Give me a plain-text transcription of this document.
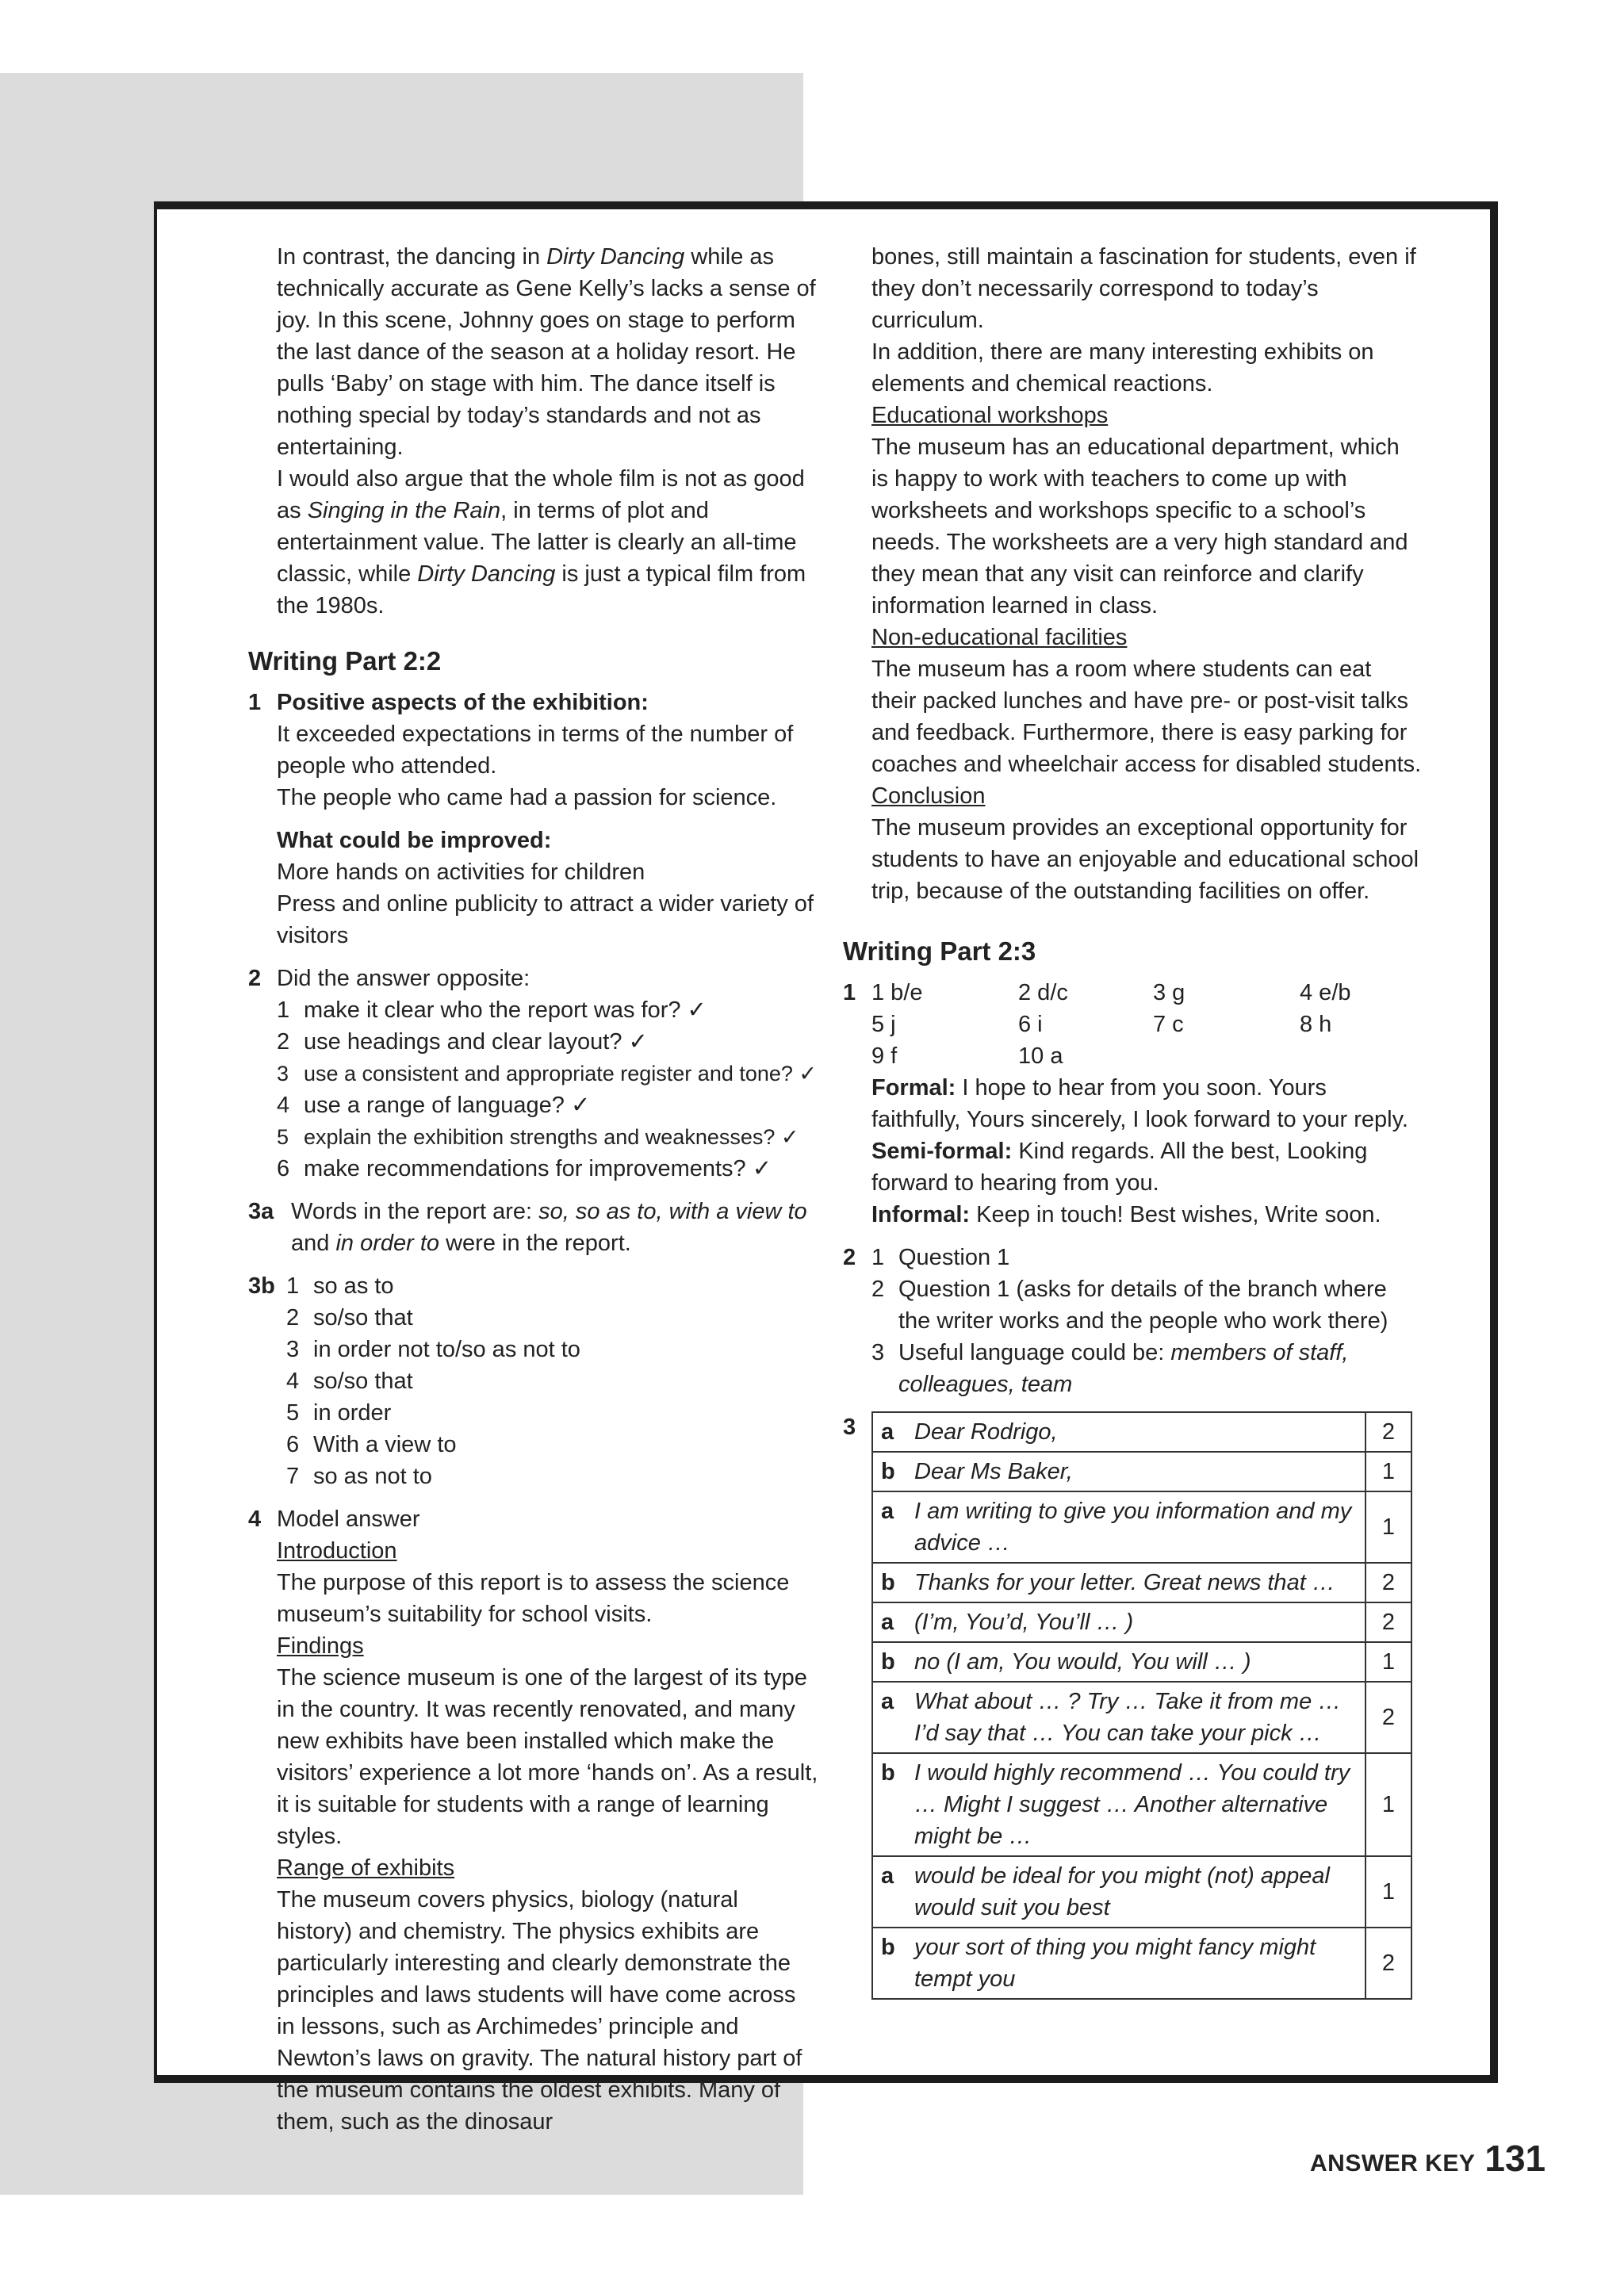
In contrast, the dancing in Dirty Dancing while as technically accurate as Gene Kelly’s lacks a sense of joy. In this scene, Johnny goes on stage to perform the last dance of the season at a holiday resort. He pulls ‘Baby’ on stage with him. The dance itself is nothing special by today’s standards and not as entertaining.

I would also argue that the whole film is not as good as Singing in the Rain, in terms of plot and entertainment value. The latter is clearly an all-time classic, while Dirty Dancing is just a typical film from the 1980s.

Writing Part 2:2
1 Positive aspects of the exhibition:

It exceeded expectations in terms of the number of people who attended.

The people who came had a passion for science.

What could be improved:

More hands on activities for children

Press and online publicity to attract a wider variety of visitors

2 Did the answer opposite:

1 make it clear who the report was for? ✓
2 use headings and clear layout? ✓
3 use a consistent and appropriate register and tone? ✓
4 use a range of language? ✓
5 explain the exhibition strengths and weaknesses? ✓
6 make recommendations for improvements? ✓
3a Words in the report are: so, so as to, with a view to and in order to were in the report.

3b 1 so as to
2 so/so that
3 in order not to/so as not to
4 so/so that
5 in order
6 With a view to
7 so as not to
4 Model answer

Introduction

The purpose of this report is to assess the science museum’s suitability for school visits.

Findings

The science museum is one of the largest of its type in the country. It was recently renovated, and many new exhibits have been installed which make the visitors’ experience a lot more ‘hands on’. As a result, it is suitable for students with a range of learning styles.

Range of exhibits

The museum covers physics, biology (natural history) and chemistry. The physics exhibits are particularly interesting and clearly demonstrate the principles and laws students will have come across in lessons, such as Archimedes’ principle and Newton’s laws on gravity. The natural history part of the museum contains the oldest exhibits. Many of them, such as the dinosaur

bones, still maintain a fascination for students, even if they don’t necessarily correspond to today’s curriculum.

In addition, there are many interesting exhibits on elements and chemical reactions.

Educational workshops

The museum has an educational department, which is happy to work with teachers to come up with worksheets and workshops specific to a school’s needs. The worksheets are a very high standard and they mean that any visit can reinforce and clarify information learned in class.

Non-educational facilities

The museum has a room where students can eat their packed lunches and have pre- or post-visit talks and feedback. Furthermore, there is easy parking for coaches and wheelchair access for disabled students.

Conclusion

The museum provides an exceptional opportunity for students to have an enjoyable and educational school trip, because of the outstanding facilities on offer.

Writing Part 2:3
1 1 b/e	2 d/c	3 g	4 e/b
5 j	6 i	7 c	8 h
9 f	10 a

Formal: I hope to hear from you soon. Yours faithfully, Yours sincerely, I look forward to your reply.

Semi-formal: Kind regards. All the best, Looking forward to hearing from you.

Informal: Keep in touch! Best wishes, Write soon.

2 1 Question 1
2 Question 1 (asks for details of the branch where the writer works and the people who work there)
3 Useful language could be: members of staff, colleagues, team
3 a	Dear Rodrigo,	2
b	Dear Ms Baker,	1
a	I am writing to give you information and my advice …	1
b	Thanks for your letter. Great news that …	2
a	(I’m, You’d, You’ll … )	2
b	no (I am, You would, You will … )	1
a	What about … ? Try … Take it from me … I’d say that … You can take your pick …	2
b	I would highly recommend … You could try … Might I suggest … Another alternative might be …	1
a	would be ideal for you might (not) appeal would suit you best	1
b	your sort of thing you might fancy might tempt you	2
ANSWER KEY 131
